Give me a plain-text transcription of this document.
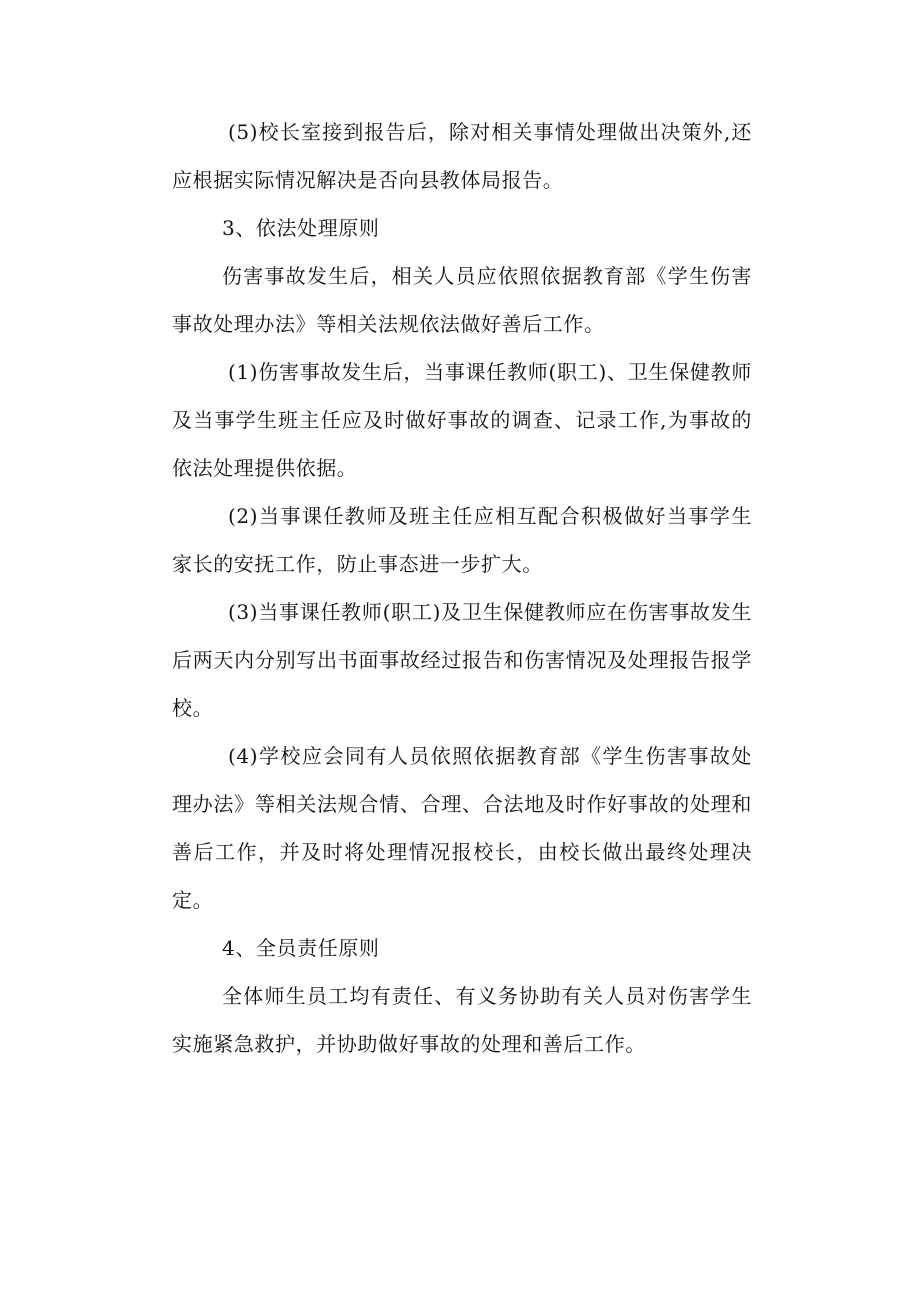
(5)校长室接到报告后，除对相关事情处理做出决策外,还应根据实际情况解决是否向县教体局报告。

3、依法处理原则

伤害事故发生后，相关人员应依照依据教育部《学生伤害事故处理办法》等相关法规依法做好善后工作。

(1)伤害事故发生后，当事课任教师(职工)、卫生保健教师及当事学生班主任应及时做好事故的调查、记录工作,为事故的依法处理提供依据。

(2)当事课任教师及班主任应相互配合积极做好当事学生家长的安抚工作，防止事态进一步扩大。

(3)当事课任教师(职工)及卫生保健教师应在伤害事故发生后两天内分别写出书面事故经过报告和伤害情况及处理报告报学校。

(4)学校应会同有人员依照依据教育部《学生伤害事故处理办法》等相关法规合情、合理、合法地及时作好事故的处理和善后工作，并及时将处理情况报校长，由校长做出最终处理决定。

4、全员责任原则

全体师生员工均有责任、有义务协助有关人员对伤害学生实施紧急救护，并协助做好事故的处理和善后工作。
